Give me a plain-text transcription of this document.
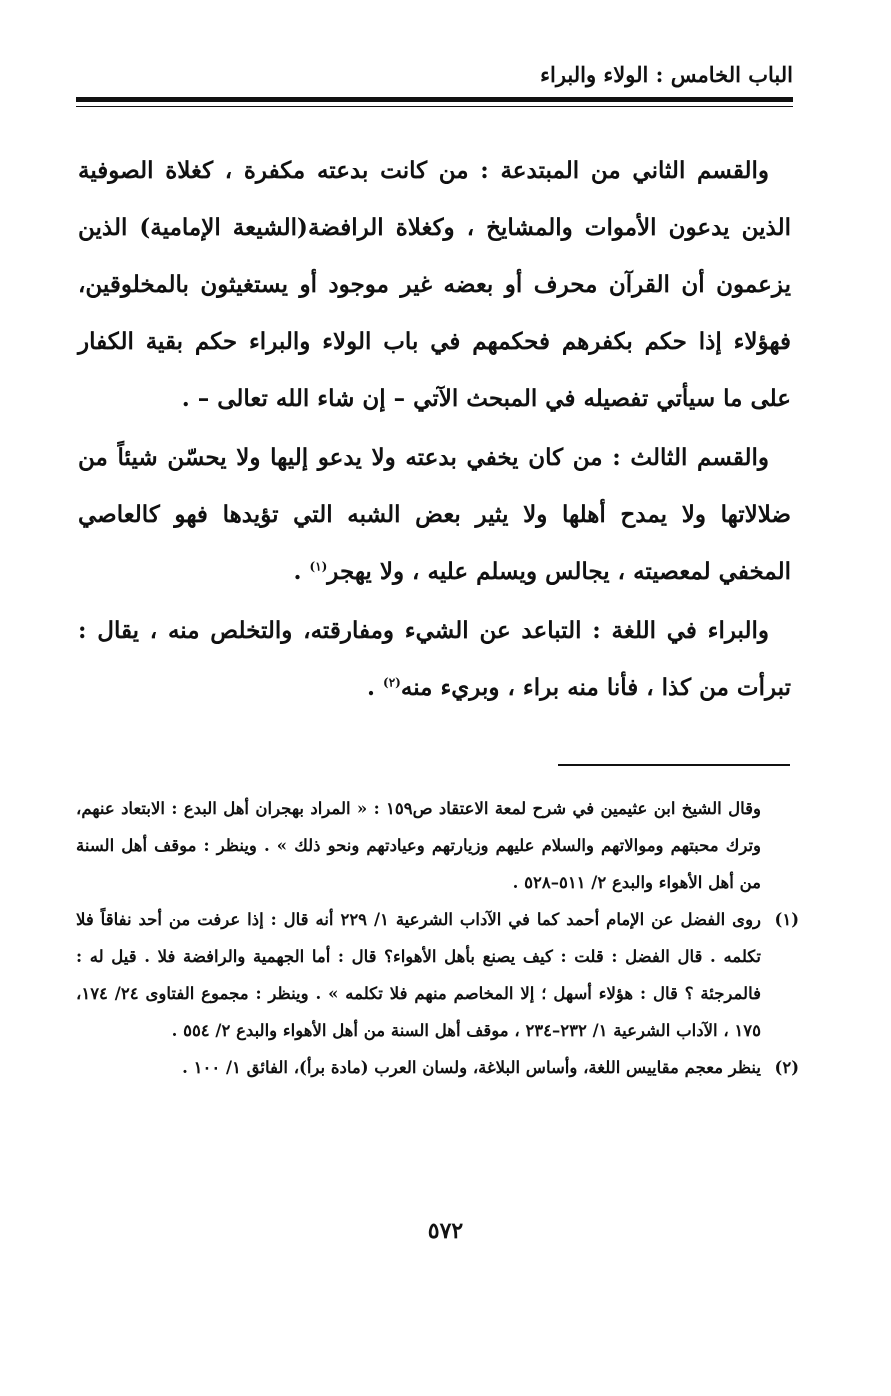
الباب الخامس : الولاء والبراء

والقسم الثاني من المبتدعة : من كانت بدعته مكفرة ، كغلاة الصوفية الذين يدعون الأموات والمشايخ ، وكغلاة الرافضة(الشيعة الإمامية) الذين يزعمون أن القرآن محرف أو بعضه غير موجود أو يستغيثون بالمخلوقين، فهؤلاء إذا حكم بكفرهم فحكمهم في باب الولاء والبراء حكم بقية الكفار على ما سيأتي تفصيله في المبحث الآتي – إن شاء الله تعالى – .

والقسم الثالث : من كان يخفي بدعته ولا يدعو إليها ولا يحسّن شيئاً من ضلالاتها ولا يمدح أهلها ولا يثير بعض الشبه التي تؤيدها فهو كالعاصي المخفي لمعصيته ، يجالس ويسلم عليه ، ولا يهجر$^{(١)}$ .

والبراء في اللغة : التباعد عن الشيء ومفارقته، والتخلص منه ، يقال : تبرأت من كذا ، فأنا منه براء ، وبريء منه$^{(٢)}$ .

وقال الشيخ ابن عثيمين في شرح لمعة الاعتقاد ص١٥٩ : « المراد بهجران أهل البدع : الابتعاد عنهم، وترك محبتهم وموالاتهم والسلام عليهم وزيارتهم وعيادتهم ونحو ذلك » . وينظر : موقف أهل السنة من أهل الأهواء والبدع ٢/ ٥١١–٥٢٨ .

(١)
روى الفضل عن الإمام أحمد كما في الآداب الشرعية ١/ ٢٢٩ أنه قال : إذا عرفت من أحد نفاقاً فلا تكلمه . قال الفضل : قلت : كيف يصنع بأهل الأهواء؟ قال : أما الجهمية والرافضة فلا . قيل له : فالمرجئة ؟ قال : هؤلاء أسهل ؛ إلا المخاصم منهم فلا تكلمه » . وينظر : مجموع الفتاوى ٢٤/ ١٧٤، ١٧٥ ، الآداب الشرعية ١/ ٢٣٢–٢٣٤ ، موقف أهل السنة من أهل الأهواء والبدع ٢/ ٥٥٤ .

(٢)
ينظر معجم مقاييس اللغة، وأساس البلاغة، ولسان العرب (مادة برأ)، الفائق ١/ ١٠٠ .

٥٧٢
